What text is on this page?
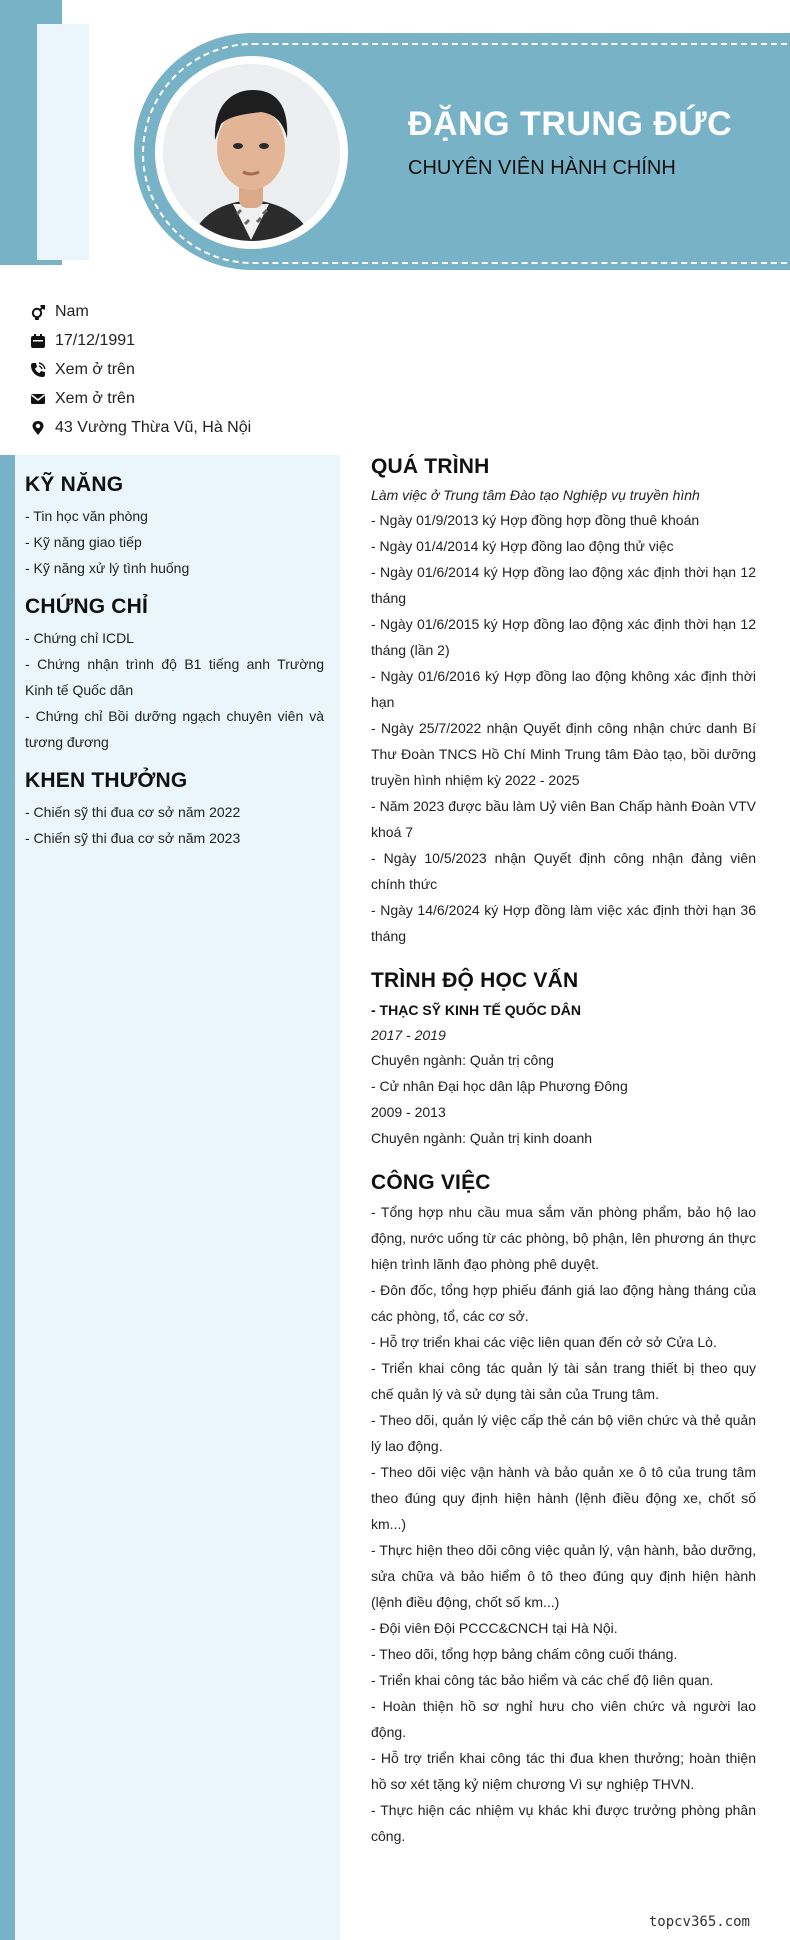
ĐẶNG TRUNG ĐỨC
CHUYÊN VIÊN HÀNH CHÍNH
Nam
17/12/1991
Xem ở trên
Xem ở trên
43 Vường Thừa Vũ, Hà Nội
KỸ NĂNG
- Tin học văn phòng
- Kỹ năng giao tiếp
- Kỹ năng xử lý tình huống
CHỨNG CHỈ
- Chứng chỉ ICDL
- Chứng nhận trình độ B1 tiếng anh Trường Kinh tế Quốc dân
- Chứng chỉ Bồi dưỡng ngạch chuyên viên và tương đương
KHEN THƯỞNG
- Chiến sỹ thi đua cơ sở năm 2022
- Chiến sỹ thi đua cơ sở năm 2023
QUÁ TRÌNH
Làm việc ở Trung tâm Đào tạo Nghiệp vụ truyền hình
- Ngày 01/9/2013 ký Hợp đồng hợp đồng thuê khoán
- Ngày 01/4/2014 ký Hợp đồng lao động thử việc
- Ngày 01/6/2014 ký Hợp đồng lao động xác định thời hạn 12 tháng
- Ngày 01/6/2015 ký Hợp đồng lao động xác định thời hạn 12 tháng (lần 2)
- Ngày 01/6/2016 ký Hợp đồng lao động không xác định thời hạn
- Ngày 25/7/2022 nhận Quyết định công nhận chức danh Bí Thư Đoàn TNCS Hồ Chí Minh Trung tâm Đào tạo, bồi dưỡng truyền hình nhiệm kỳ 2022 - 2025
- Năm 2023 được bầu làm Uỷ viên Ban Chấp hành Đoàn VTV khoá 7
- Ngày 10/5/2023 nhận Quyết định công nhận đảng viên chính thức
- Ngày 14/6/2024 ký Hợp đồng làm việc xác định thời hạn 36 tháng
TRÌNH ĐỘ HỌC VẤN
- THẠC SỸ KINH TẾ QUỐC DÂN
2017 - 2019
Chuyên ngành: Quản trị công
- Cử nhân Đại học dân lập Phương Đông
2009 - 2013
Chuyên ngành: Quản trị kinh doanh
CÔNG VIỆC
- Tổng hợp nhu cầu mua sắm văn phòng phẩm, bảo hộ lao động, nước uống từ các phòng, bộ phận, lên phương án thực hiện trình lãnh đạo phòng phê duyệt.
- Đôn đốc, tổng hợp phiếu đánh giá lao động hàng tháng của các phòng, tổ, các cơ sở.
- Hỗ trợ triển khai các việc liên quan đến cở sở Cửa Lò.
- Triển khai công tác quản lý tài sản trang thiết bị theo quy chế quản lý và sử dụng tài sản của Trung tâm.
- Theo dõi, quản lý việc cấp thẻ cán bộ viên chức và thẻ quản lý lao động.
- Theo dõi việc vận hành và bảo quản xe ô tô của trung tâm theo đúng quy định hiện hành (lệnh điều động xe, chốt số km...)
- Thực hiện theo dõi công việc quản lý, vận hành, bảo dưỡng, sửa chữa và bảo hiểm ô tô theo đúng quy định hiện hành (lệnh điều động, chốt số km...)
- Đội viên Đội PCCC&CNCH tại Hà Nội.
- Theo dõi, tổng hợp bảng chấm công cuối tháng.
- Triển khai công tác bảo hiểm và các chế độ liên quan.
- Hoàn thiện hồ sơ nghỉ hưu cho viên chức và người lao động.
- Hỗ trợ triển khai công tác thi đua khen thưởng; hoàn thiện hồ sơ xét tặng kỷ niệm chương Vì sự nghiệp THVN.
- Thực hiện các nhiệm vụ khác khi được trưởng phòng phân công.
topcv365.com
